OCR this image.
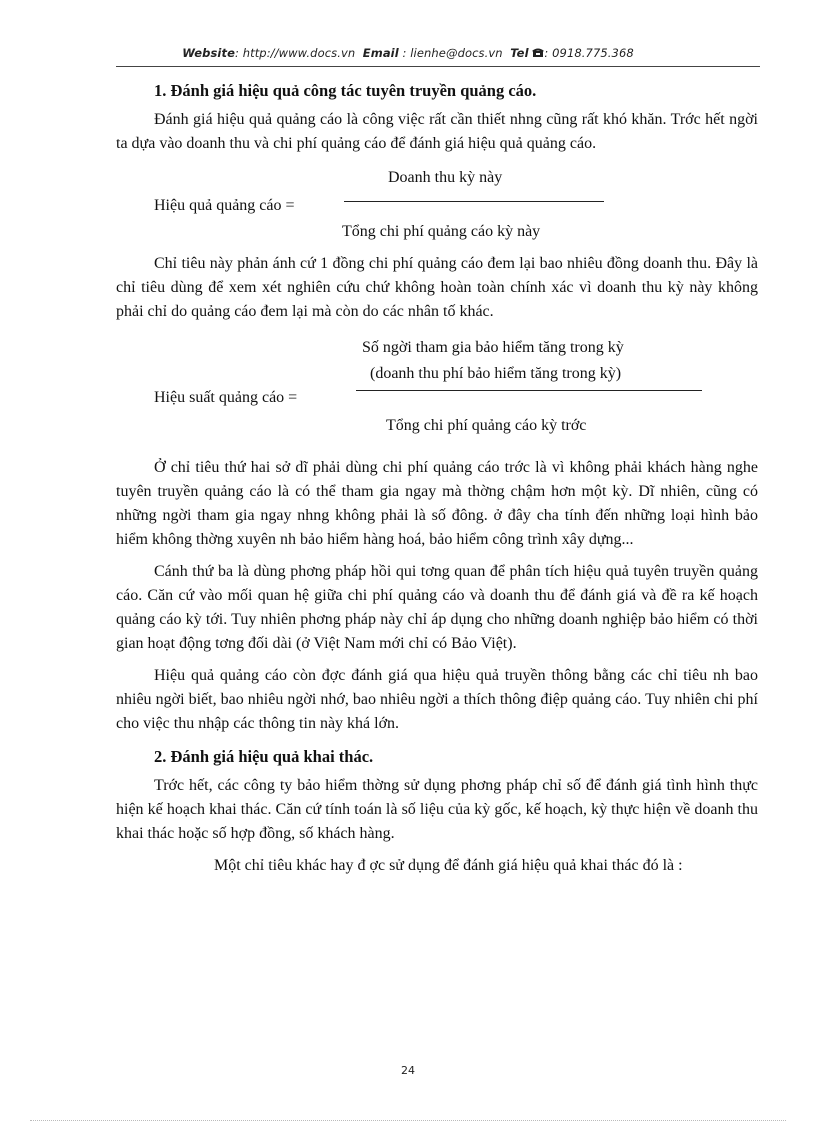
Website: http://www.docs.vn Email : lienhe@docs.vn Tel : 0918.775.368
1. Đánh giá hiệu quả công tác tuyên truyền quảng cáo.

Đánh giá hiệu quả quảng cáo là công việc rất cần thiết nhng cũng rất khó khăn. Trớc hết ngời ta dựa vào doanh thu và chi phí quảng cáo để đánh giá hiệu quả quảng cáo.

Doanh thu kỳ này
Hiệu quả quảng cáo =
Tổng chi phí quảng cáo kỳ này

Chỉ tiêu này phản ánh cứ 1 đồng chi phí quảng cáo đem lại bao nhiêu đồng doanh thu. Đây là chỉ tiêu dùng để xem xét nghiên cứu chứ không hoàn toàn chính xác vì doanh thu kỳ này không phải chỉ do quảng cáo đem lại mà còn do các nhân tố khác.

Số ngời tham gia bảo hiểm tăng trong kỳ
(doanh thu phí bảo hiểm tăng trong kỳ)
Hiệu suất quảng cáo =
Tổng chi phí quảng cáo kỳ trớc

Ở chỉ tiêu thứ hai sở dĩ phải dùng chi phí quảng cáo trớc là vì không phải khách hàng nghe tuyên truyền quảng cáo là có thể tham gia ngay mà thờng chậm hơn một kỳ. Dĩ nhiên, cũng có những ngời tham gia ngay nhng không phải là số đông. ở đây cha tính đến những loại hình bảo hiểm không thờng xuyên nh bảo hiểm hàng hoá, bảo hiểm công trình xây dựng...

Cánh thứ ba là dùng phơng pháp hồi qui tơng quan để phân tích hiệu quả tuyên truyền quảng cáo. Căn cứ vào mối quan hệ giữa chi phí quảng cáo và doanh thu để đánh giá và đề ra kế hoạch quảng cáo kỳ tới. Tuy nhiên phơng pháp này chỉ áp dụng cho những doanh nghiệp bảo hiểm có thời gian hoạt động tơng đối dài (ở Việt Nam mới chỉ có Bảo Việt).

Hiệu quả quảng cáo còn đợc đánh giá qua hiệu quả truyền thông bằng các chỉ tiêu nh bao nhiêu ngời biết, bao nhiêu ngời nhớ, bao nhiêu ngời a thích thông điệp quảng cáo. Tuy nhiên chi phí cho việc thu nhập các thông tin này khá lớn.

2. Đánh giá hiệu quả khai thác.

Trớc hết, các công ty bảo hiểm thờng sử dụng phơng pháp chỉ số để đánh giá tình hình thực hiện kế hoạch khai thác. Căn cứ tính toán là số liệu của kỳ gốc, kế hoạch, kỳ thực hiện về doanh thu khai thác hoặc số hợp đồng, số khách hàng.

Một chỉ tiêu khác hay đ ợc sử dụng để đánh giá hiệu quả khai thác đó là :

24
